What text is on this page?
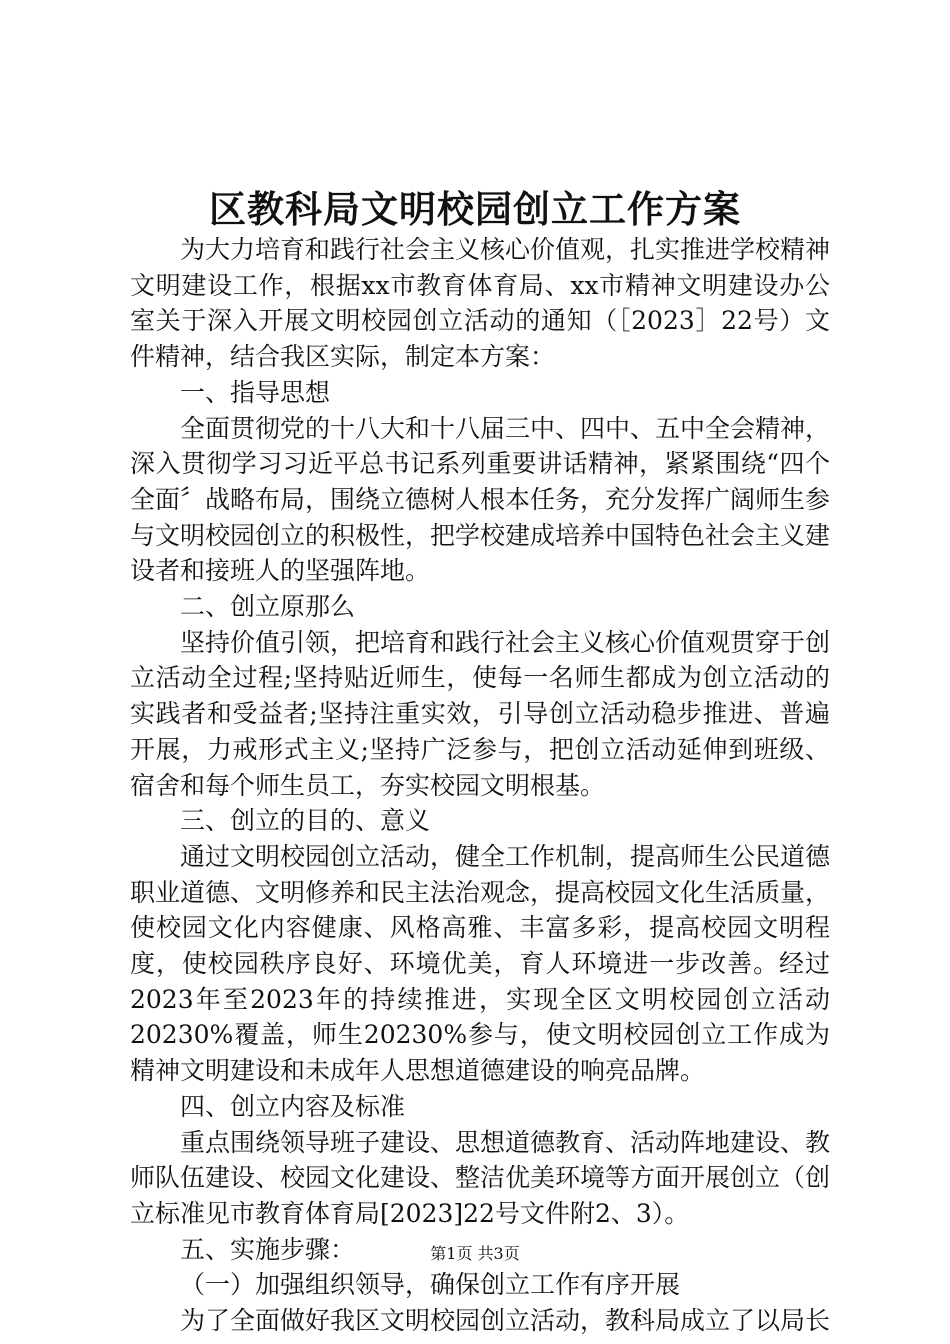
区教科局文明校园创立工作方案

为大力培育和践行社会主义核心价值观，扎实推进学校精神文明建设工作，根据xx市教育体育局、xx市精神文明建设办公室关于深入开展文明校园创立活动的通知（［2023］22号）文件精神，结合我区实际，制定本方案：

一、指导思想

全面贯彻党的十八大和十八届三中、四中、五中全会精神，深入贯彻学习习近平总书记系列重要讲话精神，紧紧围绕“四个全面〞战略布局，围绕立德树人根本任务，充分发挥广阔师生参与文明校园创立的积极性，把学校建成培养中国特色社会主义建设者和接班人的坚强阵地。

二、创立原那么

坚持价值引领，把培育和践行社会主义核心价值观贯穿于创立活动全过程;坚持贴近师生，使每一名师生都成为创立活动的实践者和受益者;坚持注重实效，引导创立活动稳步推进、普遍开展，力戒形式主义;坚持广泛参与，把创立活动延伸到班级、宿舍和每个师生员工，夯实校园文明根基。

三、创立的目的、意义

通过文明校园创立活动，健全工作机制，提高师生公民道德职业道德、文明修养和民主法治观念，提高校园文化生活质量，使校园文化内容健康、风格高雅、丰富多彩，提高校园文明程度，使校园秩序良好、环境优美，育人环境进一步改善。经过2023年至2023年的持续推进，实现全区文明校园创立活动20230%覆盖，师生20230%参与，使文明校园创立工作成为精神文明建设和未成年人思想道德建设的响亮品牌。

四、创立内容及标准

重点围绕领导班子建设、思想道德教育、活动阵地建设、教师队伍建设、校园文化建设、整洁优美环境等方面开展创立（创立标准见市教育体育局[2023]22号文件附2、3）。

五、实施步骤：

（一）加强组织领导，确保创立工作有序开展

为了全面做好我区文明校园创立活动，教科局成立了以局长

第1页 共3页
